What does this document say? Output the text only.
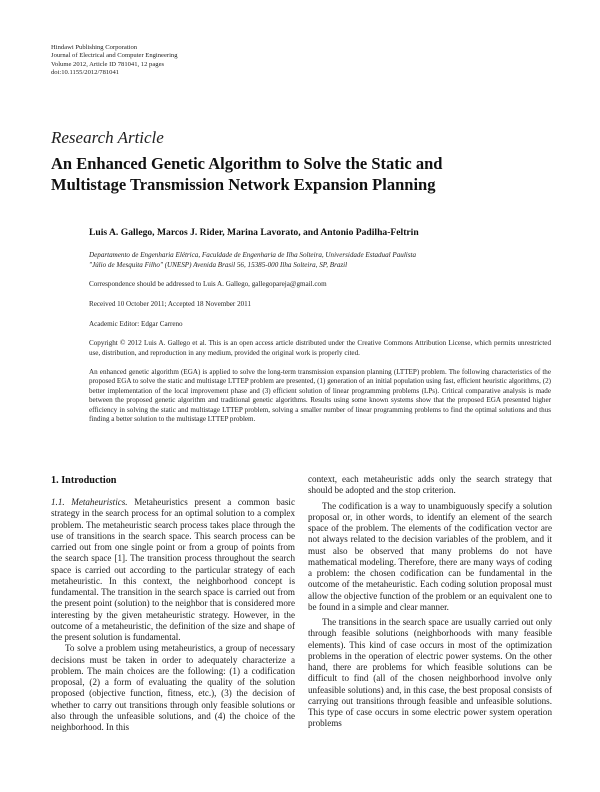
Hindawi Publishing Corporation
Journal of Electrical and Computer Engineering
Volume 2012, Article ID 781041, 12 pages
doi:10.1155/2012/781041
Research Article
An Enhanced Genetic Algorithm to Solve the Static and
Multistage Transmission Network Expansion Planning
Luis A. Gallego, Marcos J. Rider, Marina Lavorato, and Antonio Padilha-Feltrin
Departamento de Engenharia Elétrica, Faculdade de Engenharia de Ilha Solteira, Universidade Estadual Paulista
"Júlio de Mesquita Filho" (UNESP) Avenida Brasil 56, 15385-000 Ilha Solteira, SP, Brazil
Correspondence should be addressed to Luis A. Gallego, gallegopareja@gmail.com
Received 10 October 2011; Accepted 18 November 2011
Academic Editor: Edgar Carreno
Copyright © 2012 Luis A. Gallego et al. This is an open access article distributed under the Creative Commons Attribution License, which permits unrestricted use, distribution, and reproduction in any medium, provided the original work is properly cited.
An enhanced genetic algorithm (EGA) is applied to solve the long-term transmission expansion planning (LTTEP) problem. The following characteristics of the proposed EGA to solve the static and multistage LTTEP problem are presented, (1) generation of an initial population using fast, efficient heuristic algorithms, (2) better implementation of the local improvement phase and (3) efficient solution of linear programming problems (LPs). Critical comparative analysis is made between the proposed genetic algorithm and traditional genetic algorithms. Results using some known systems show that the proposed EGA presented higher efficiency in solving the static and multistage LTTEP problem, solving a smaller number of linear programming problems to find the optimal solutions and thus finding a better solution to the multistage LTTEP problem.
1. Introduction

1.1. Metaheuristics. Metaheuristics present a common basic strategy in the search process for an optimal solution to a complex problem. The metaheuristic search process takes place through the use of transitions in the search space. This search process can be carried out from one single point or from a group of points from the search space [1]. The transition process throughout the search space is carried out according to the particular strategy of each metaheuristic. In this context, the neighborhood concept is fundamental. The transition in the search space is carried out from the present point (solution) to the neighbor that is considered more interesting by the given metaheuristic strategy. However, in the outcome of a metaheuristic, the definition of the size and shape of the present solution is fundamental.

To solve a problem using metaheuristics, a group of necessary decisions must be taken in order to adequately characterize a problem. The main choices are the following: (1) a codification proposal, (2) a form of evaluating the quality of the solution proposed (objective function, fitness, etc.), (3) the decision of whether to carry out transitions through only feasible solutions or also through the unfeasible solutions, and (4) the choice of the neighborhood. In this

context, each metaheuristic adds only the search strategy that should be adopted and the stop criterion.

The codification is a way to unambiguously specify a solution proposal or, in other words, to identify an element of the search space of the problem. The elements of the codification vector are not always related to the decision variables of the problem, and it must also be observed that many problems do not have mathematical modeling. Therefore, there are many ways of coding a problem: the chosen codification can be fundamental in the outcome of the metaheuristic. Each coding solution proposal must allow the objective function of the problem or an equivalent one to be found in a simple and clear manner.

The transitions in the search space are usually carried out only through feasible solutions (neighborhoods with many feasible elements). This kind of case occurs in most of the optimization problems in the operation of electric power systems. On the other hand, there are problems for which feasible solutions can be difficult to find (all of the chosen neighborhood involve only unfeasible solutions) and, in this case, the best proposal consists of carrying out transitions through feasible and unfeasible solutions. This type of case occurs in some electric power system operation problems
